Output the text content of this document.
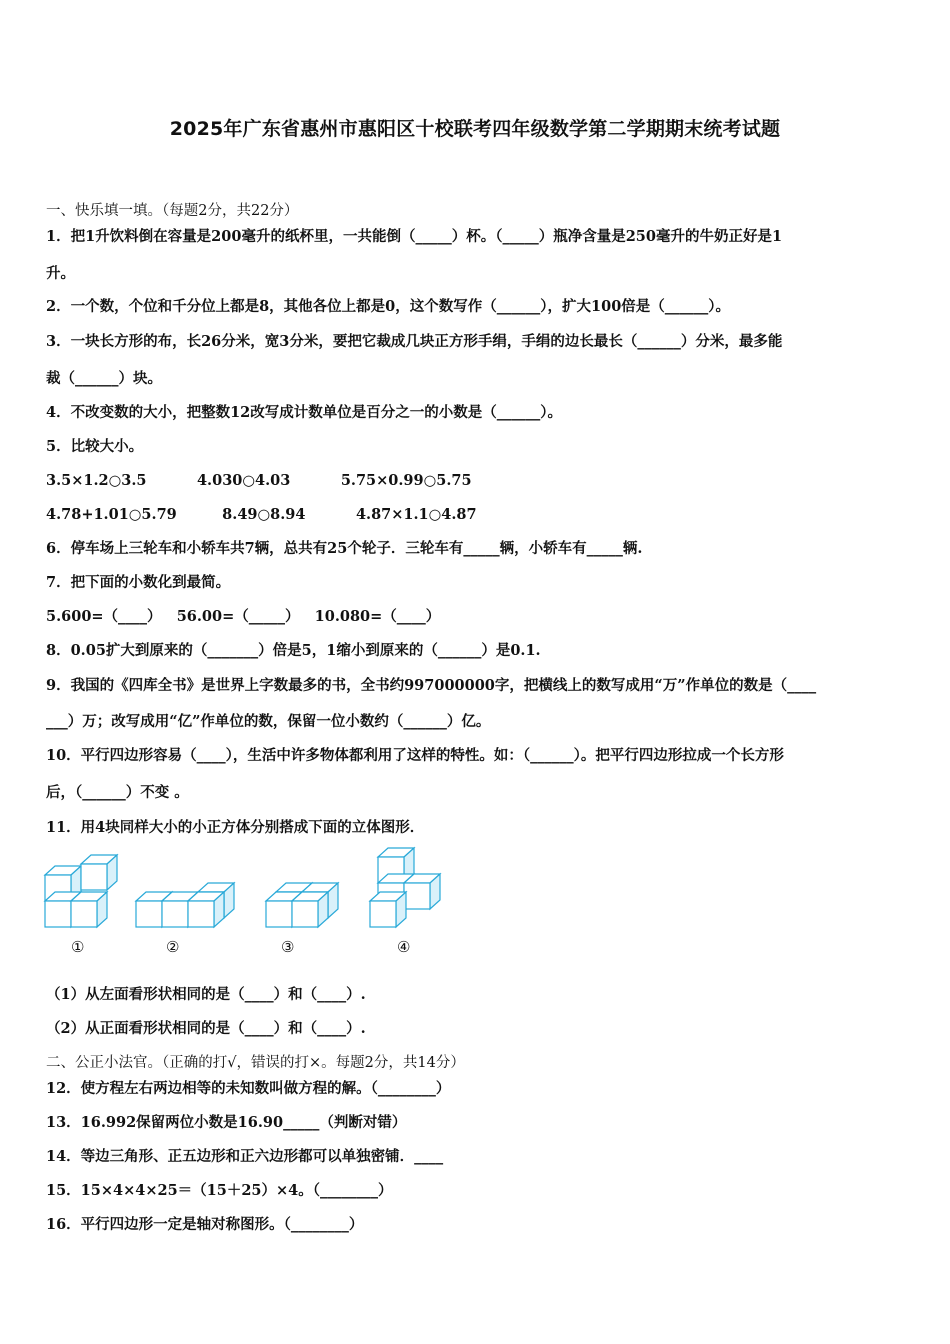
2025年广东省惠州市惠阳区十校联考四年级数学第二学期期末统考试题
一、快乐填一填。（每题2分，共22分）
1．把1升饮料倒在容量是200毫升的纸杯里，一共能倒（_____）杯。（_____）瓶净含量是250毫升的牛奶正好是1
升。
2．一个数，个位和千分位上都是8，其他各位上都是0，这个数写作（______），扩大100倍是（______）。
3．一块长方形的布，长26分米，宽3分米，要把它裁成几块正方形手绢，手绢的边长最长（______）分米，最多能
裁（______）块。
4．不改变数的大小，把整数12改写成计数单位是百分之一的小数是（______）。
5．比较大小。
3.5×1.2○3.5          4.030○4.03          5.75×0.99○5.75
4.78+1.01○5.79         8.49○8.94          4.87×1.1○4.87
6．停车场上三轮车和小轿车共7辆，总共有25个轮子．三轮车有_____辆，小轿车有_____辆.
7．把下面的小数化到最简。
5.600=（____）   56.00=（_____）   10.080=（____）
8．0.05扩大到原来的（_______）倍是5，1缩小到原来的（______）是0.1.
9．我国的《四库全书》是世界上字数最多的书，全书约997000000字，把横线上的数写成用“万”作单位的数是（____
___）万；改写成用“亿”作单位的数，保留一位小数约（______）亿。
10．平行四边形容易（____），生活中许多物体都利用了这样的特性。如：（______）。把平行四边形拉成一个长方形
后，（______）不变 。
11．用4块同样大小的小正方体分别搭成下面的立体图形．
①	②	③	④
（1）从左面看形状相同的是（____）和（____）.
（2）从正面看形状相同的是（____）和（____）.
二、公正小法官。（正确的打√，错误的打×。每题2分，共14分）
12．使方程左右两边相等的未知数叫做方程的解。（________）
13．16.992保留两位小数是16.90_____（判断对错）
14．等边三角形、正五边形和正六边形都可以单独密铺．____
15．15×4×4×25＝（15＋25）×4。（________）
16．平行四边形一定是轴对称图形。（________）
